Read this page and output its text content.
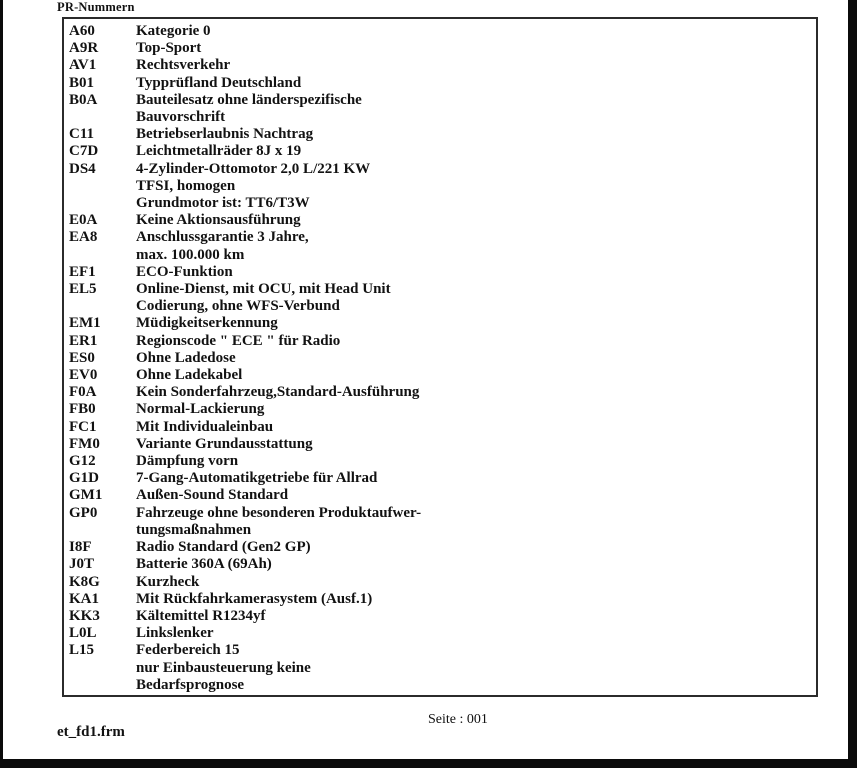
PR-Nummern
A60	Kategorie 0
A9R	Top-Sport
AV1	Rechtsverkehr
B01	Typprüfland Deutschland
B0A	Bauteilesatz ohne länderspezifische
Bauvorschrift
C11	Betriebserlaubnis Nachtrag
C7D	Leichtmetallräder 8J x 19
DS4	4-Zylinder-Ottomotor 2,0 L/221 KW
TFSI, homogen
Grundmotor ist: TT6/T3W
E0A	Keine Aktionsausführung
EA8	Anschlussgarantie 3 Jahre,
max. 100.000 km
EF1	ECO-Funktion
EL5	Online-Dienst, mit OCU, mit Head Unit
Codierung, ohne WFS-Verbund
EM1	Müdigkeitserkennung
ER1	Regionscode " ECE " für Radio
ES0	Ohne Ladedose
EV0	Ohne Ladekabel
F0A	Kein Sonderfahrzeug,Standard-Ausführung
FB0	Normal-Lackierung
FC1	Mit Individualeinbau
FM0	Variante Grundausstattung
G12	Dämpfung vorn
G1D	7-Gang-Automatikgetriebe für Allrad
GM1	Außen-Sound Standard
GP0	Fahrzeuge ohne besonderen Produktaufwer-
tungsmaßnahmen
I8F	Radio Standard (Gen2 GP)
J0T	Batterie 360A (69Ah)
K8G	Kurzheck
KA1	Mit Rückfahrkamerasystem (Ausf.1)
KK3	Kältemittel R1234yf
L0L	Linkslenker
L15	Federbereich 15
nur Einbausteuerung keine
Bedarfsprognose
Seite : 001
et_fd1.frm
